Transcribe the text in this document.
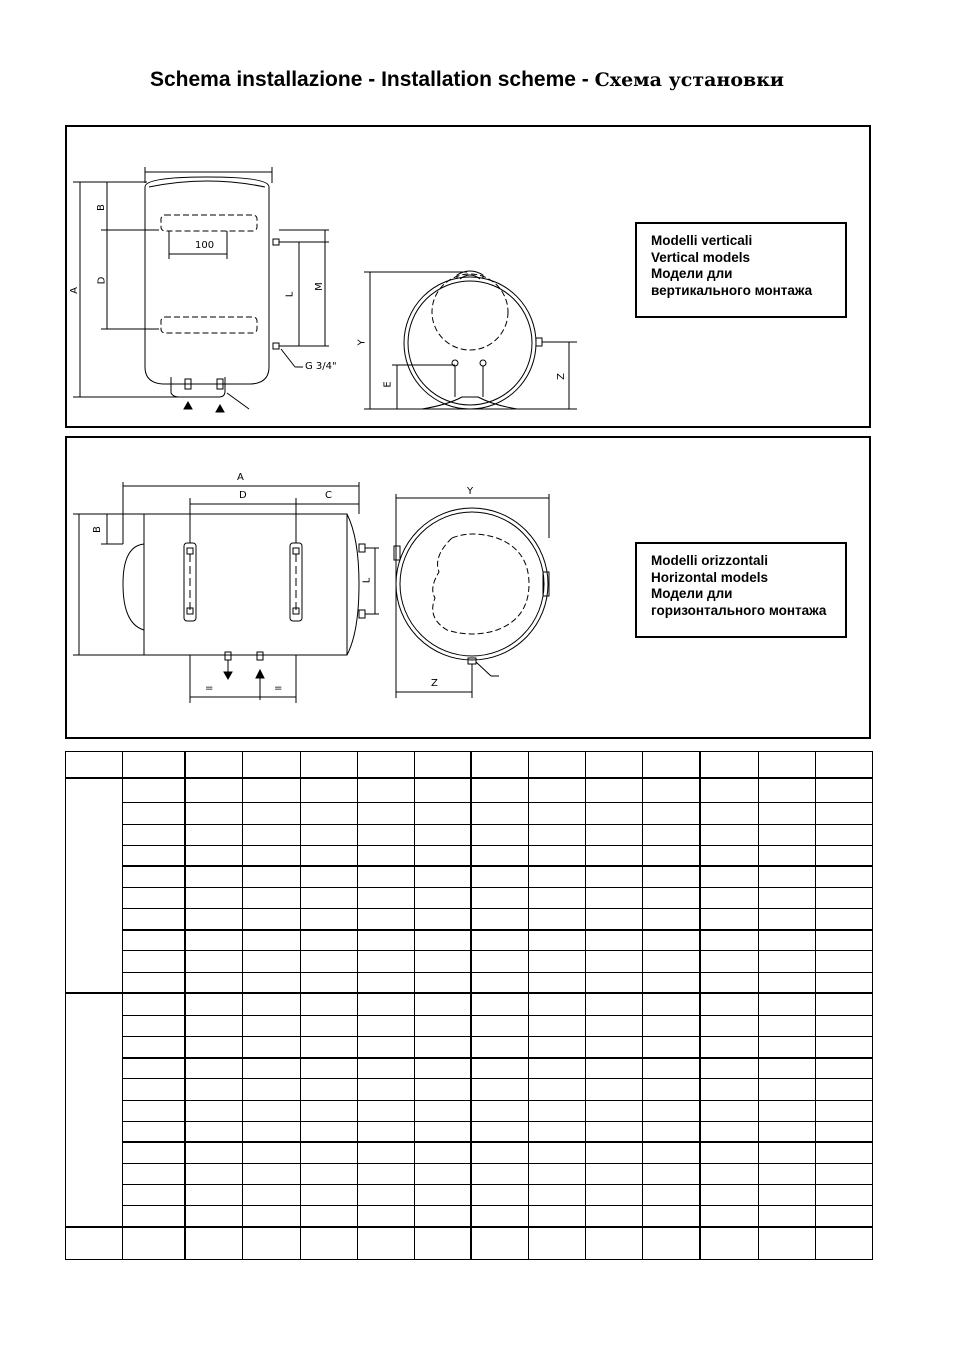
Schema installazione - Installation scheme - Схема установки
A
B
D
100
L
M
G 3/4"
Y
E
Z
Modelli verticali
Vertical models
Модели дли
вертикального монтажа
A
D	C
B
L
Y
Z
=	=
Modelli orizzontali
Horizontal models
Модели дли
горизонтального монтажа
